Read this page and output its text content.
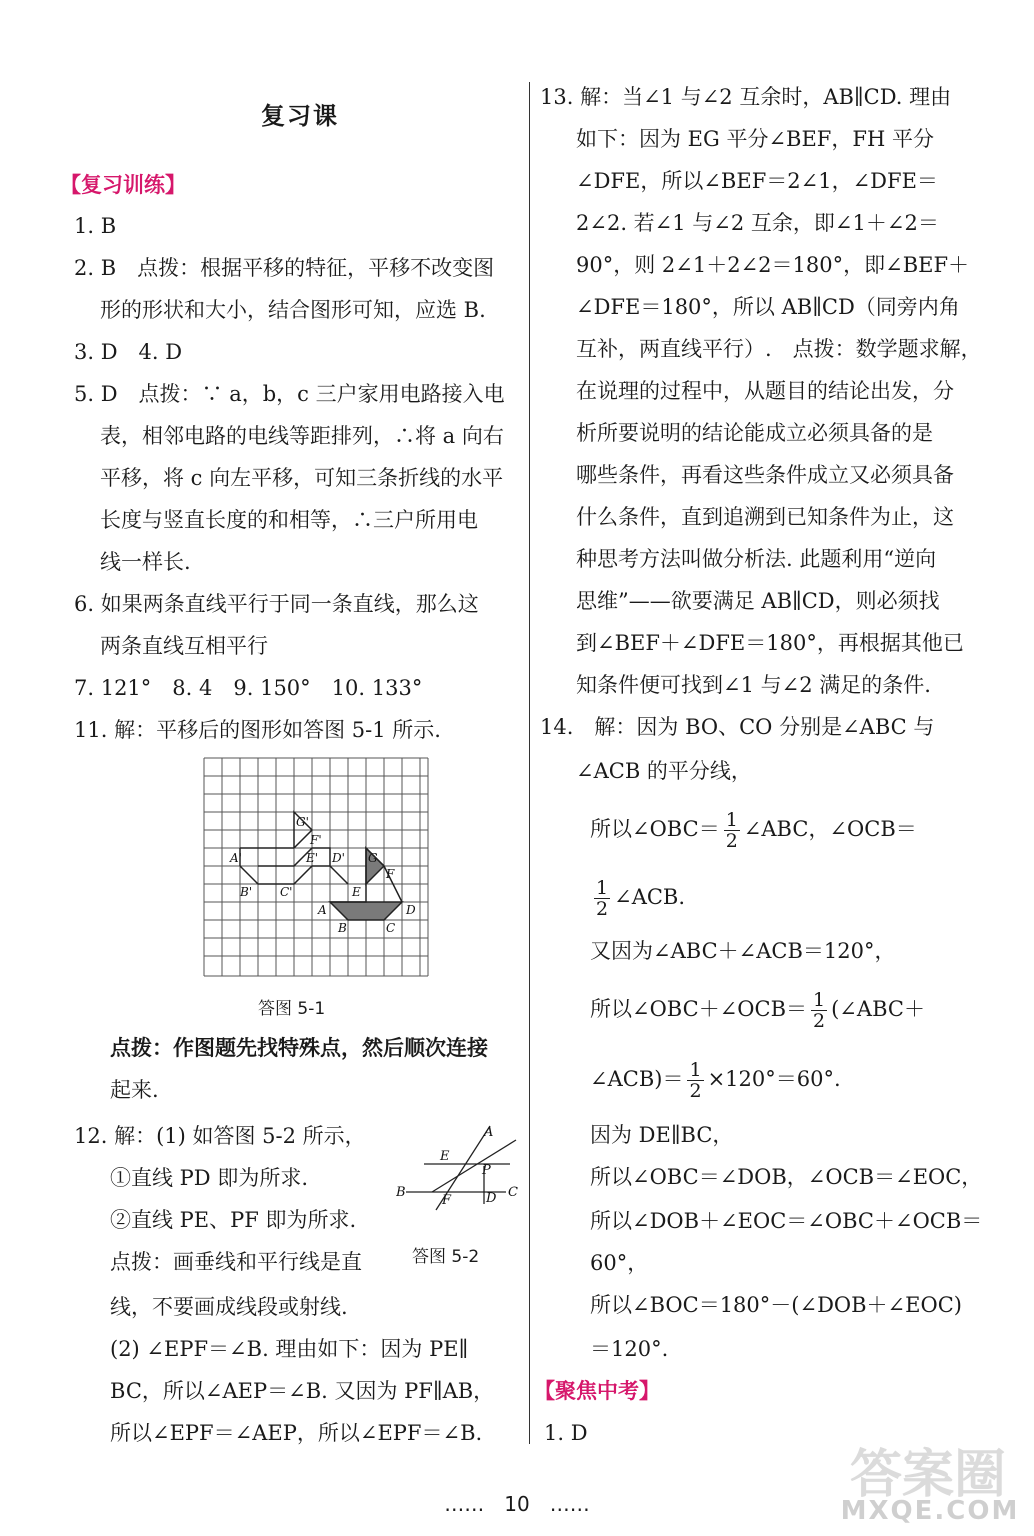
复习课
【复习训练】
1. B
2. B　点拨：根据平移的特征，平移不改变图
形的形状和大小，结合图形可知，应选 B.
3. D　4. D
5. D　点拨：∵ a，b，c 三户家用电路接入电
表，相邻电路的电线等距排列，∴将 a 向右
平移，将 c 向左平移，可知三条折线的水平
长度与竖直长度的和相等，∴三户所用电
线一样长.
6. 如果两条直线平行于同一条直线，那么这
两条直线互相平行
7. 121°　8. 4　9. 150°　10. 133°
11. 解：平移后的图形如答图 5-1 所示.
G'
F'
A'	E' D' G
F
B' C'	E
A	D
B	C
答图 5-1
点拨：作图题先找特殊点，然后顺次连接
起来.
12. 解：(1) 如答图 5-2 所示，
①直线 PD 即为所求.
②直线 PE、PF 即为所求.
点拨：画垂线和平行线是直
线，不要画成线段或射线.
(2) ∠EPF＝∠B. 理由如下：因为 PE∥
BC，所以∠AEP＝∠B. 又因为 PF∥AB，
所以∠EPF＝∠AEP，所以∠EPF＝∠B.
A
E
P
B
F	D C
答图 5-2
13. 解：当∠1 与∠2 互余时，AB∥CD. 理由
如下：因为 EG 平分∠BEF，FH 平分
∠DFE，所以∠BEF＝2∠1，∠DFE＝
2∠2. 若∠1 与∠2 互余，即∠1＋∠2＝
90°，则 2∠1＋2∠2＝180°，即∠BEF＋
∠DFE＝180°，所以 AB∥CD（同旁内角
互补，两直线平行）.　点拨：数学题求解，
在说理的过程中，从题目的结论出发，分
析所要说明的结论能成立必须具备的是
哪些条件，再看这些条件成立又必须具备
什么条件，直到追溯到已知条件为止，这
种思考方法叫做分析法. 此题利用“逆向
思维”——欲要满足 AB∥CD，则必须找
到∠BEF＋∠DFE＝180°，再根据其他已
知条件便可找到∠1 与∠2 满足的条件.
14.　解：因为 BO、CO 分别是∠ABC 与
∠ACB 的平分线，
所以∠OBC＝ $\frac{1}{2}$ ∠ABC，∠OCB＝
$\frac{1}{2}$ ∠ACB.
又因为∠ABC＋∠ACB＝120°，
所以∠OBC＋∠OCB＝ $\frac{1}{2}$ (∠ABC＋
∠ACB)＝ $\frac{1}{2} \times 120^\circ=60^\circ$.
因为 DE∥BC，
所以∠OBC＝∠DOB，∠OCB＝∠EOC，
所以∠DOB＋∠EOC＝∠OBC＋∠OCB＝
60°，
所以∠BOC＝180°－(∠DOB＋∠EOC)
＝120°.
【聚焦中考】
1. D
……　10　……	答案圈
MXQE.COM
